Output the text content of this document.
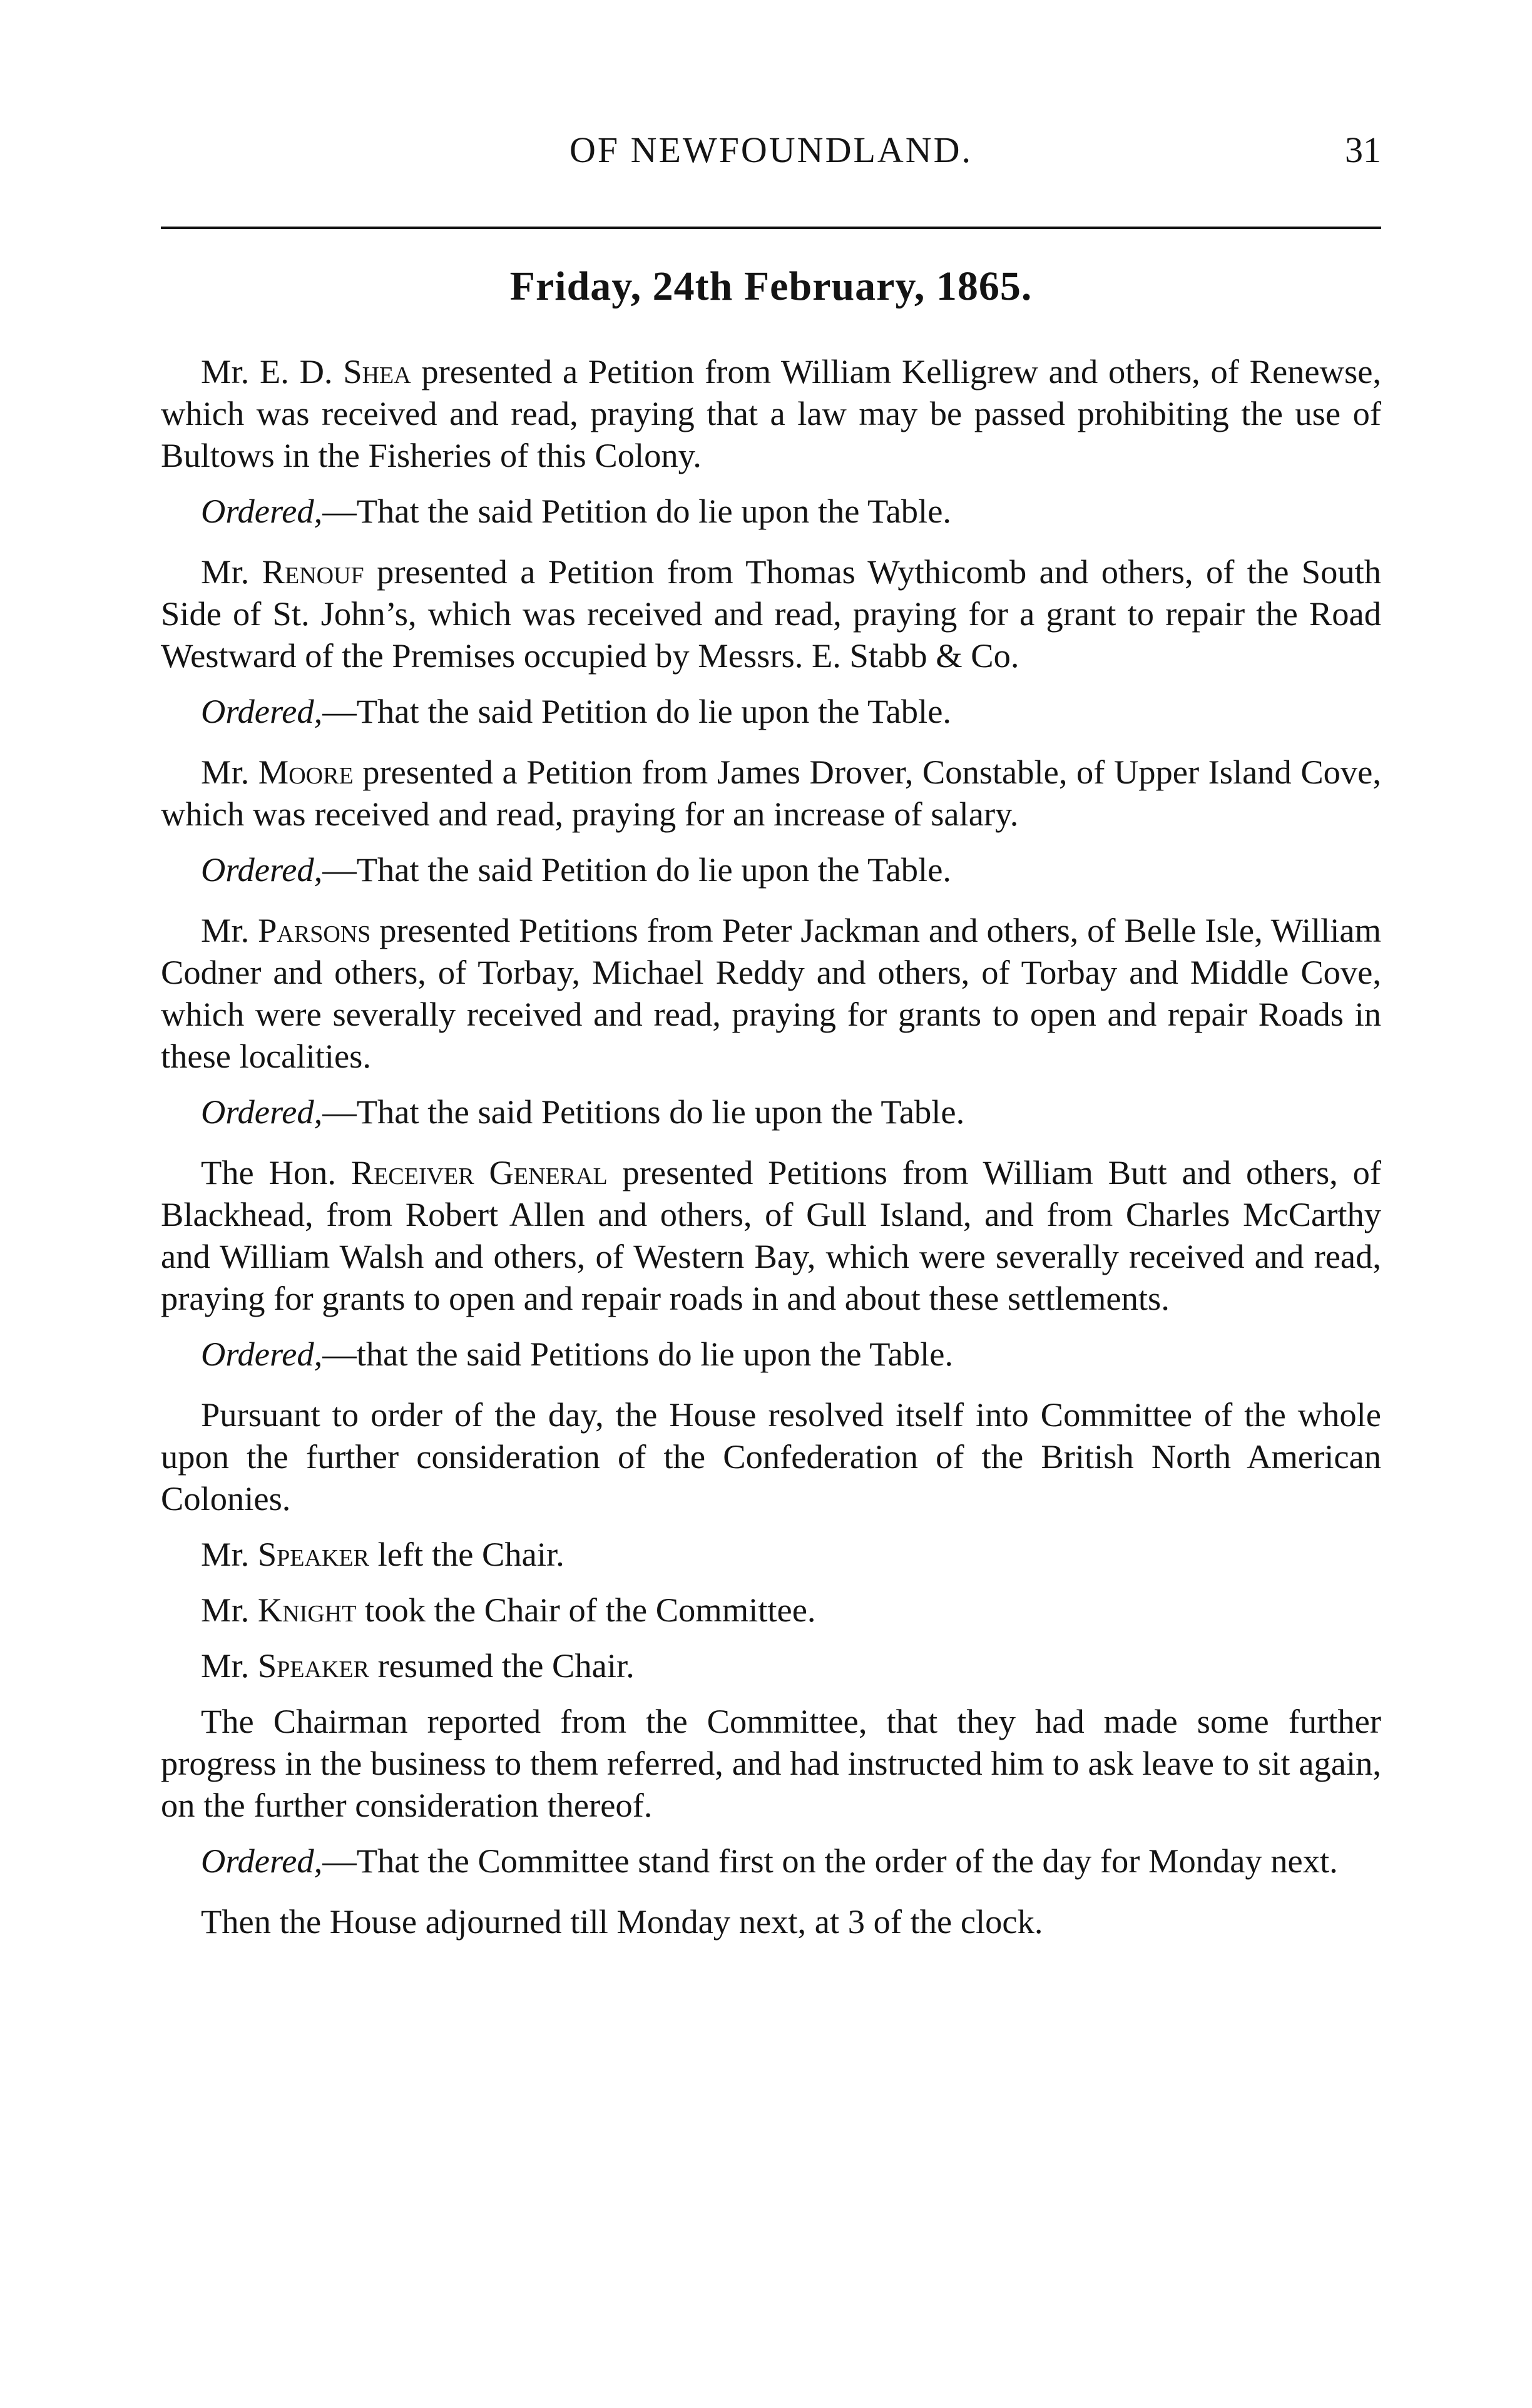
OF NEWFOUNDLAND.	31
Friday, 24th February, 1865.

Mr. E. D. Shea presented a Petition from William Kelligrew and others, of Renewse, which was received and read, praying that a law may be passed prohibiting the use of Bultows in the Fisheries of this Colony.

Ordered,—That the said Petition do lie upon the Table.

Mr. Renouf presented a Petition from Thomas Wythicomb and others, of the South Side of St. John’s, which was received and read, praying for a grant to repair the Road Westward of the Premises occupied by Messrs. E. Stabb & Co.

Ordered,—That the said Petition do lie upon the Table.

Mr. Moore presented a Petition from James Drover, Constable, of Upper Island Cove, which was received and read, praying for an increase of salary.

Ordered,—That the said Petition do lie upon the Table.

Mr. Parsons presented Petitions from Peter Jackman and others, of Belle Isle, William Codner and others, of Torbay, Michael Reddy and others, of Torbay and Middle Cove, which were severally received and read, praying for grants to open and repair Roads in these localities.

Ordered,—That the said Petitions do lie upon the Table.

The Hon. Receiver General presented Petitions from William Butt and others, of Blackhead, from Robert Allen and others, of Gull Island, and from Charles McCarthy and William Walsh and others, of Western Bay, which were severally received and read, praying for grants to open and repair roads in and about these settlements.

Ordered,—that the said Petitions do lie upon the Table.

Pursuant to order of the day, the House resolved itself into Committee of the whole upon the further consideration of the Confederation of the British North American Colonies.

Mr. Speaker left the Chair.

Mr. Knight took the Chair of the Committee.

Mr. Speaker resumed the Chair.

The Chairman reported from the Committee, that they had made some further progress in the business to them referred, and had instructed him to ask leave to sit again, on the further consideration thereof.

Ordered,—That the Committee stand first on the order of the day for Monday next.

Then the House adjourned till Monday next, at 3 of the clock.
